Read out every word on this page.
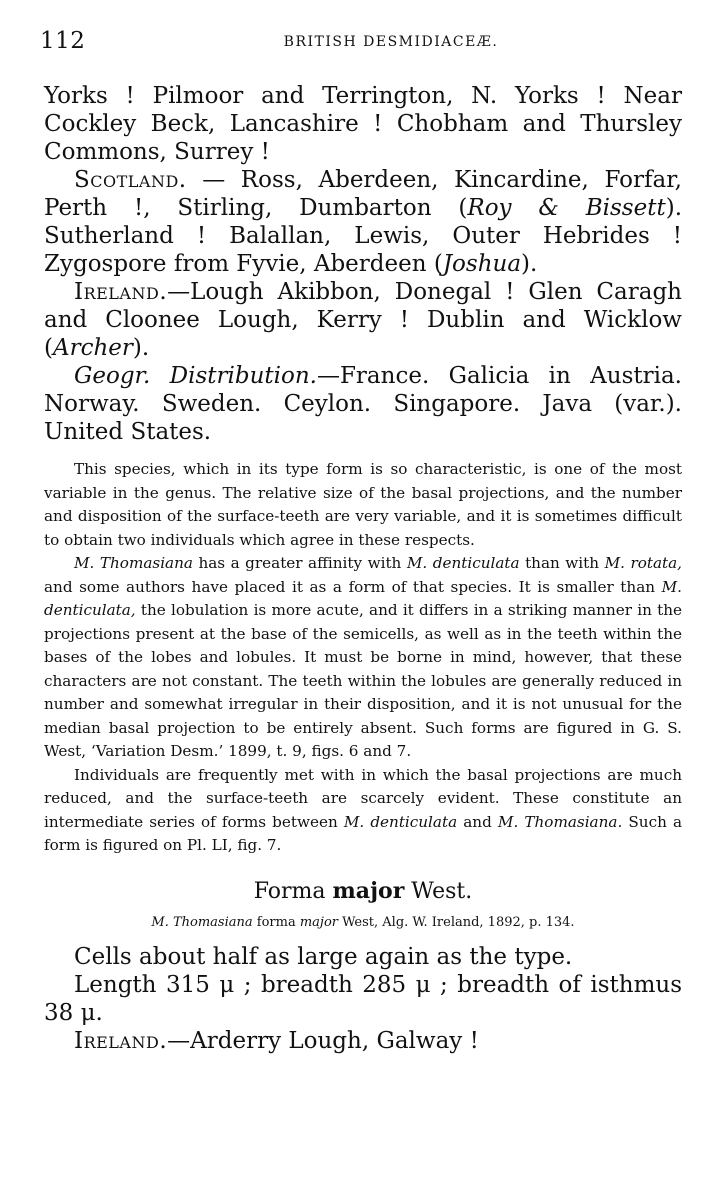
112	BRITISH DESMIDIACEÆ.

Yorks ! Pilmoor and Terrington, N. Yorks ! Near Cockley Beck, Lancashire ! Chobham and Thursley Commons, Surrey !

Scotland. — Ross, Aberdeen, Kincardine, Forfar, Perth !, Stirling, Dumbarton (Roy & Bissett). Sutherland ! Balallan, Lewis, Outer Hebrides ! Zygospore from Fyvie, Aberdeen (Joshua).

Ireland.—Lough Akibbon, Donegal ! Glen Caragh and Cloonee Lough, Kerry ! Dublin and Wicklow (Archer).

Geogr. Distribution.—France. Galicia in Austria. Norway. Sweden. Ceylon. Singapore. Java (var.). United States.

This species, which in its type form is so characteristic, is one of the most variable in the genus. The relative size of the basal projections, and the number and disposition of the surface-teeth are very variable, and it is sometimes difficult to obtain two individuals which agree in these respects.

M. Thomasiana has a greater affinity with M. denticulata than with M. rotata, and some authors have placed it as a form of that species. It is smaller than M. denticulata, the lobulation is more acute, and it differs in a striking manner in the projections present at the base of the semicells, as well as in the teeth within the bases of the lobes and lobules. It must be borne in mind, however, that these characters are not constant. The teeth within the lobules are generally reduced in number and somewhat irregular in their disposition, and it is not unusual for the median basal projection to be entirely absent. Such forms are figured in G. S. West, ‘Variation Desm.’ 1899, t. 9, figs. 6 and 7.

Individuals are frequently met with in which the basal projections are much reduced, and the surface-teeth are scarcely evident. These constitute an intermediate series of forms between M. denticulata and M. Thomasiana. Such a form is figured on Pl. LI, fig. 7.

Forma major West.

M. Thomasiana forma major West, Alg. W. Ireland, 1892, p. 134.

Cells about half as large again as the type.

Length 315 μ ; breadth 285 μ ; breadth of isthmus 38 μ.

Ireland.—Arderry Lough, Galway !
